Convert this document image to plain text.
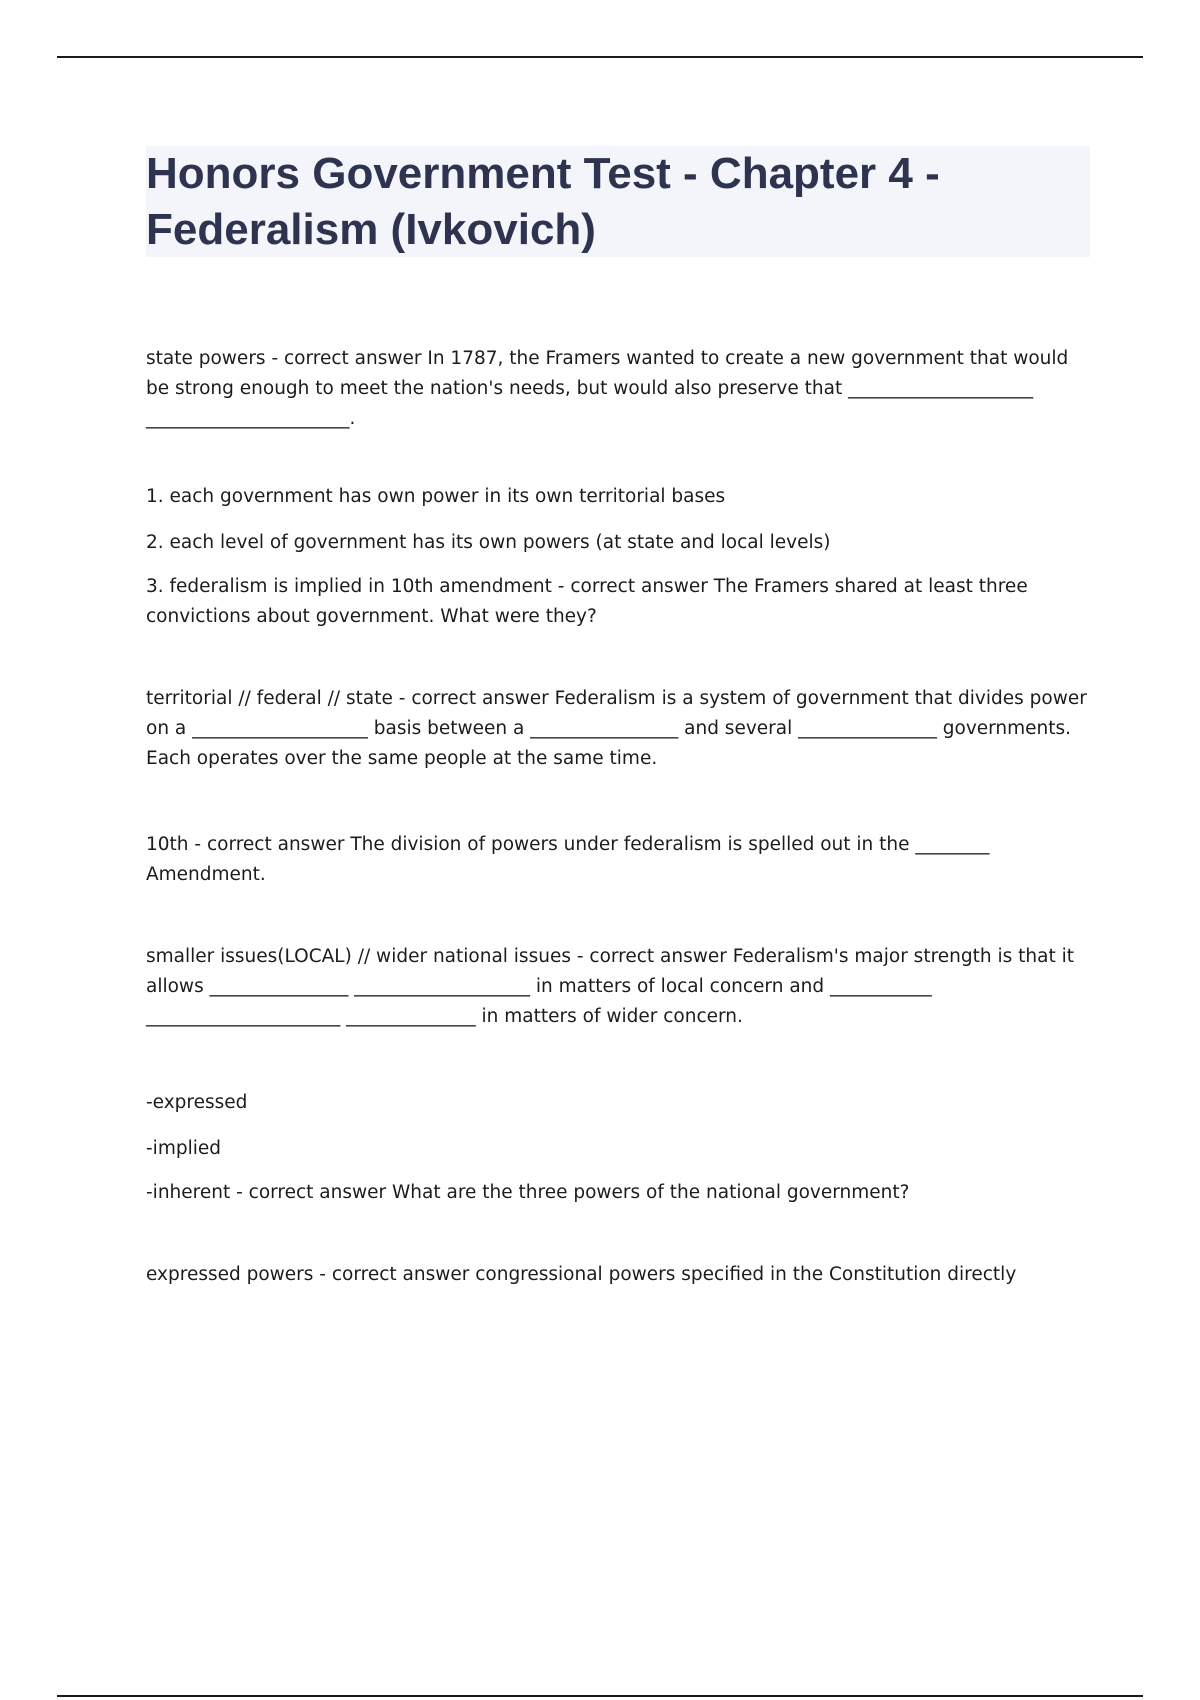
Honors Government Test - Chapter 4 -
Federalism (Ivkovich)

state powers - correct answer In 1787, the Framers wanted to create a new government that would be strong enough to meet the nation's needs, but would also preserve that ____________________ ______________________.

1. each government has own power in its own territorial bases

2. each level of government has its own powers (at state and local levels)

3. federalism is implied in 10th amendment - correct answer The Framers shared at least three convictions about government. What were they?

territorial // federal // state - correct answer Federalism is a system of government that divides power on a ___________________ basis between a ________________ and several _______________ governments. Each operates over the same people at the same time.

10th - correct answer The division of powers under federalism is spelled out in the ________ Amendment.

smaller issues(LOCAL) // wider national issues - correct answer Federalism's major strength is that it allows _______________ ___________________ in matters of local concern and ___________ _____________________ ______________ in matters of wider concern.

-expressed

-implied

-inherent - correct answer What are the three powers of the national government?

expressed powers - correct answer congressional powers specified in the Constitution directly
